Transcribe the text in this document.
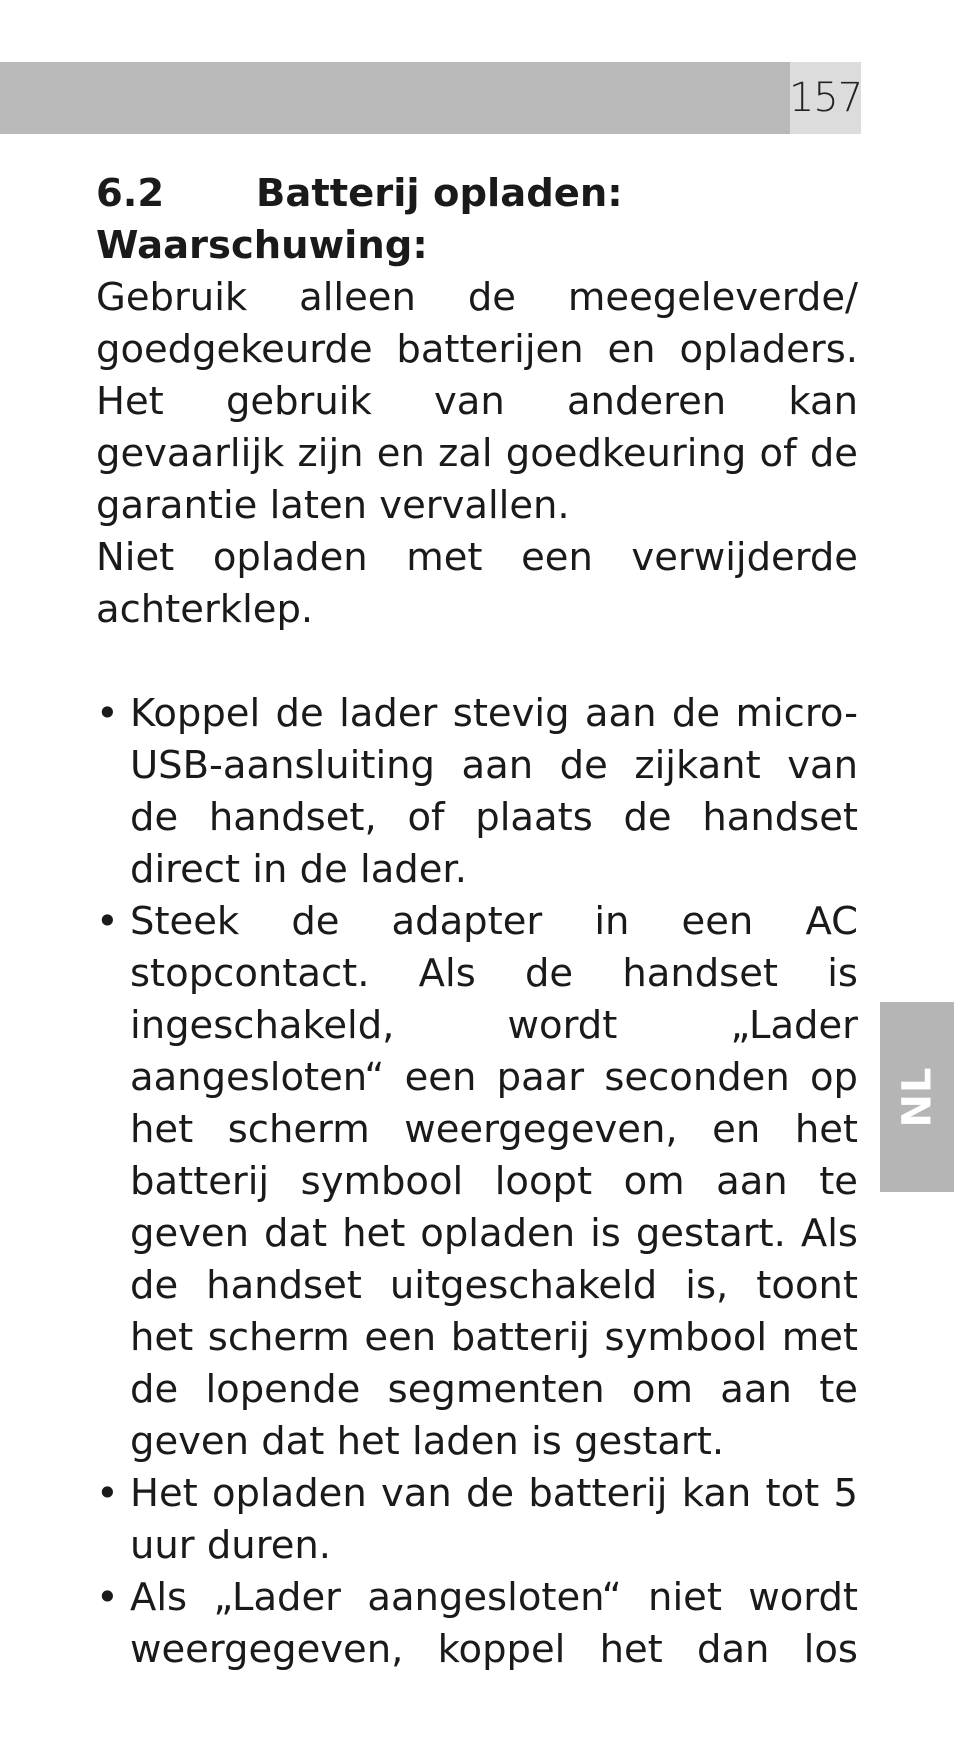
157
NL
6.2	Batterij opladen:

Waarschuwing:

Gebruik alleen de meegeleverde/ goedgekeurde batterijen en opladers. Het gebruik van anderen kan gevaarlijk zijn en zal goedkeuring of de garantie laten vervallen.

Niet opladen met een verwijderde achterklep.

• Koppel de lader stevig aan de micro-USB-aansluiting aan de zijkant van de handset, of plaats de handset direct in de lader.
• Steek de adapter in een AC stopcontact. Als de handset is ingeschakeld, wordt „Lader aangesloten“ een paar seconden op het scherm weergegeven, en het batterij symbool loopt om aan te geven dat het opladen is gestart. Als de handset uitgeschakeld is, toont het scherm een batterij symbool met de lopende segmenten om aan te geven dat het laden is gestart.
• Het opladen van de batterij kan tot 5 uur duren.
• Als „Lader aangesloten“ niet wordt weergegeven, koppel het dan los
